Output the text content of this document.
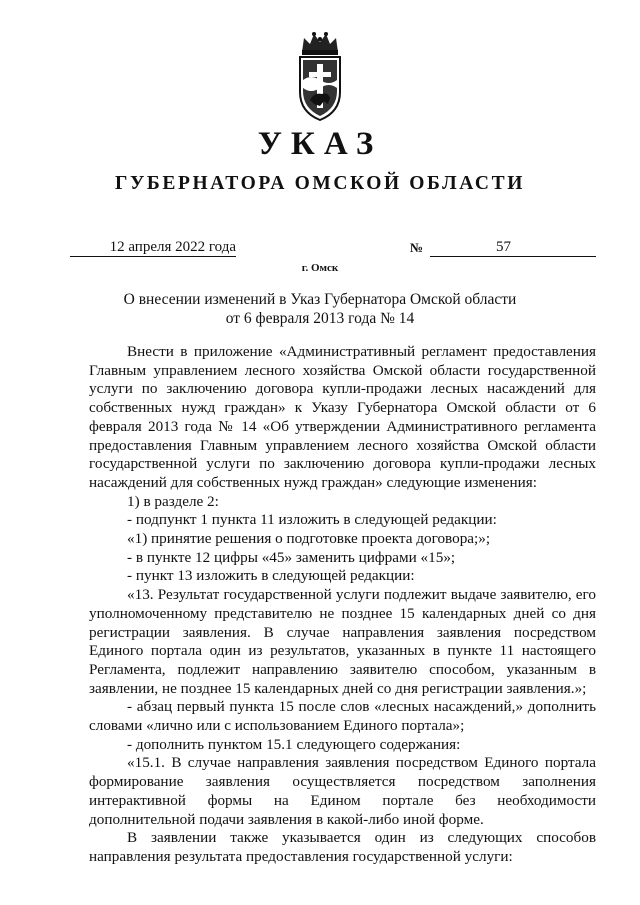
УКАЗ
ГУБЕРНАТОРА ОМСКОЙ ОБЛАСТИ
12 апреля 2022 года	№	57
г. Омск
О внесении изменений в Указ Губернатора Омской области
от 6 февраля 2013 года № 14

Внести в приложение «Административный регламент предоставления Главным управлением лесного хозяйства Омской области государственной услуги по заключению договора купли-продажи лесных насаждений для собственных нужд граждан» к Указу Губернатора Омской области от 6 февраля 2013 года № 14 «Об утверждении Административного регламента предоставления Главным управлением лесного хозяйства Омской области государственной услуги по заключению договора купли-продажи лесных насаждений для собственных нужд граждан» следующие изменения:

1) в разделе 2:

- подпункт 1 пункта 11 изложить в следующей редакции:

«1) принятие решения о подготовке проекта договора;»;

- в пункте 12 цифры «45» заменить цифрами «15»;

- пункт 13 изложить в следующей редакции:

«13. Результат государственной услуги подлежит выдаче заявителю, его уполномоченному представителю не позднее 15 календарных дней со дня регистрации заявления. В случае направления заявления посредством Единого портала один из результатов, указанных в пункте 11 настоящего Регламента, подлежит направлению заявителю способом, указанным в заявлении, не позднее 15 календарных дней со дня регистрации заявления.»;

- абзац первый пункта 15 после слов «лесных насаждений,» дополнить словами «лично или с использованием Единого портала»;

- дополнить пунктом 15.1 следующего содержания:

«15.1. В случае направления заявления посредством Единого портала формирование заявления осуществляется посредством заполнения интерактивной формы на Едином портале без необходимости дополнительной подачи заявления в какой-либо иной форме.

В заявлении также указывается один из следующих способов направления результата предоставления государственной услуги:
